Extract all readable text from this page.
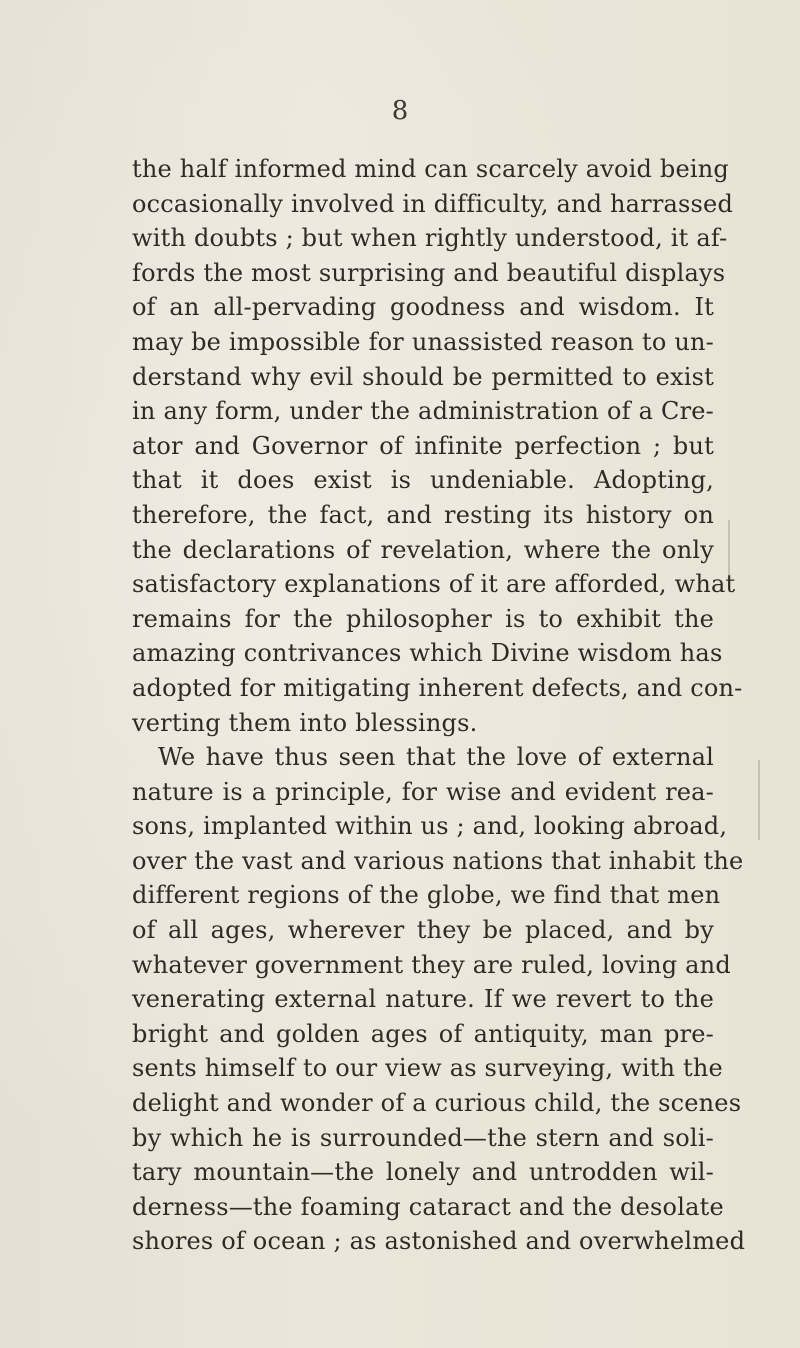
8
the half informed mind can scarcely avoid being
occasionally involved in difficulty, and harrassed
with doubts ; but when rightly understood, it af-
fords the most surprising and beautiful displays
of an all-pervading goodness and wisdom. It
may be impossible for unassisted reason to un-
derstand why evil should be permitted to exist
in any form, under the administration of a Cre-
ator and Governor of infinite perfection ; but
that it does exist is undeniable. Adopting,
therefore, the fact, and resting its history on
the declarations of revelation, where the only
satisfactory explanations of it are afforded, what
remains for the philosopher is to exhibit the
amazing contrivances which Divine wisdom has
adopted for mitigating inherent defects, and con-
verting them into blessings.
We have thus seen that the love of external
nature is a principle, for wise and evident rea-
sons, implanted within us ; and, looking abroad,
over the vast and various nations that inhabit the
different regions of the globe, we find that men
of all ages, wherever they be placed, and by
whatever government they are ruled, loving and
venerating external nature. If we revert to the
bright and golden ages of antiquity, man pre-
sents himself to our view as surveying, with the
delight and wonder of a curious child, the scenes
by which he is surrounded—the stern and soli-
tary mountain—the lonely and untrodden wil-
derness—the foaming cataract and the desolate
shores of ocean ; as astonished and overwhelmed
